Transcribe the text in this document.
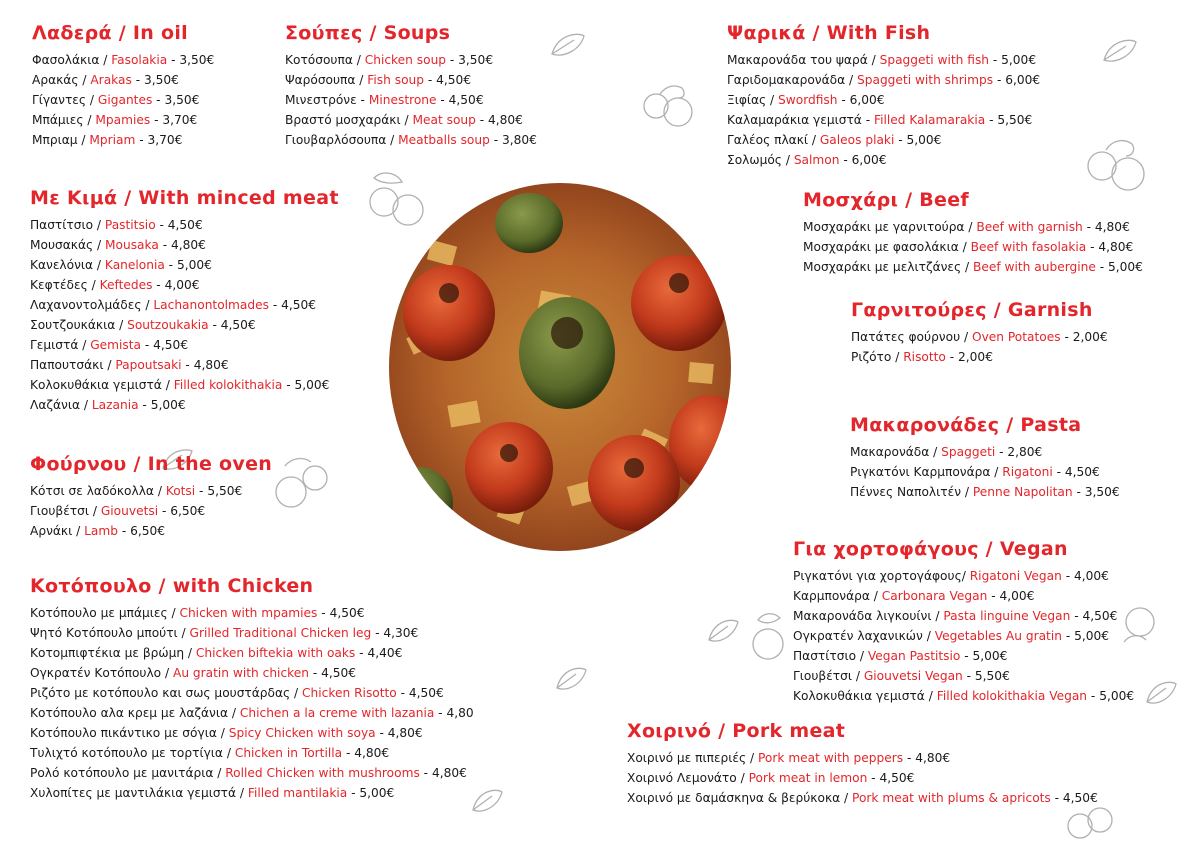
Λαδερά / In oil
Φασολάκια / Fasolakia - 3,50€
Αρακάς / Arakas - 3,50€
Γίγαντες / Gigantes - 3,50€
Μπάμιες / Mpamies - 3,70€
Μπριαμ / Mpriam - 3,70€
Σούπες / Soups
Κοτόσουπα / Chicken soup - 3,50€
Ψαρόσουπα / Fish soup - 4,50€
Μινεστρόνε - Minestrone - 4,50€
Βραστό μοσχαράκι / Meat soup - 4,80€
Γιουβαρλόσουπα / Meatballs soup - 3,80€
Ψαρικά / With Fish
Μακαρονάδα του ψαρά / Spaggeti with fish - 5,00€
Γαριδομακαρονάδα / Spaggeti with shrimps - 6,00€
Ξιφίας / Swordfish - 6,00€
Καλαμαράκια γεμιστά - Filled Kalamarakia - 5,50€
Γαλέος πλακί / Galeos plaki - 5,00€
Σολωμός / Salmon - 6,00€
Με Κιμά / With minced meat
Παστίτσιο / Pastitsio - 4,50€
Μουσακάς / Mousaka - 4,80€
Κανελόνια / Kanelonia - 5,00€
Κεφτέδες / Keftedes - 4,00€
Λαχανοντολμάδες / Lachanontolmades - 4,50€
Σουτζουκάκια / Soutzoukakia - 4,50€
Γεμιστά / Gemista - 4,50€
Παπουτσάκι / Papoutsaki - 4,80€
Κολοκυθάκια γεμιστά / Filled kolokithakia - 5,00€
Λαζάνια / Lazania - 5,00€
Μοσχάρι / Beef
Μοσχαράκι με γαρνιτούρα / Beef with garnish - 4,80€
Μοσχαράκι με φασολάκια / Beef with fasolakia - 4,80€
Μοσχαράκι με μελιτζάνες / Beef with aubergine - 5,00€
Γαρνιτούρες / Garnish
Πατάτες φούρνου / Oven Potatoes - 2,00€
Ριζότο / Risotto - 2,00€
Μακαρονάδες / Pasta
Μακαρονάδα / Spaggeti - 2,80€
Ριγκατόνι Καρμπονάρα / Rigatoni - 4,50€
Πέννες Ναπολιτέν / Penne Napolitan - 3,50€
Φούρνου / In the oven
Κότσι σε λαδόκολλα / Kotsi - 5,50€
Γιουβέτσι / Giouvetsi - 6,50€
Αρνάκι / Lamb - 6,50€
Για χορτοφάγους / Vegan
Ριγκατόνι για χορτογάφους/ Rigatoni Vegan - 4,00€
Καρμπονάρα / Carbonara Vegan - 4,00€
Μακαρονάδα λιγκουίνι / Pasta linguine Vegan - 4,50€
Ογκρατέν λαχανικών / Vegetables Au gratin - 5,00€
Παστίτσιο / Vegan Pastitsio - 5,00€
Γιουβέτσι / Giouvetsi Vegan - 5,50€
Κολοκυθάκια γεμιστά / Filled kolokithakia Vegan - 5,00€
Κοτόπουλο / with Chicken
Κοτόπουλο με μπάμιες / Chicken with mpamies - 4,50€
Ψητό Κοτόπουλο μπούτι / Grilled Traditional Chicken leg - 4,30€
Κοτομπιφτέκια με βρώμη / Chicken biftekia with oaks - 4,40€
Ογκρατέν Κοτόπουλο / Au gratin with chicken - 4,50€
Ριζότο με κοτόπουλο και σως μουστάρδας / Chicken Risotto - 4,50€
Κοτόπουλο αλα κρεμ με λαζάνια / Chichen a la creme with lazania - 4,80
Κοτόπουλο πικάντικο με σόγια / Spicy Chicken with soya - 4,80€
Τυλιχτό κοτόπουλο με τορτίγια / Chicken in Tortilla - 4,80€
Ρολό κοτόπουλο με μανιτάρια / Rolled Chicken with mushrooms - 4,80€
Χυλοπίτες με μαντιλάκια γεμιστά / Filled mantilakia - 5,00€
Χοιρινό / Pork meat
Χοιρινό με πιπεριές / Pork meat with peppers - 4,80€
Χοιρινό Λεμονάτο / Pork meat in lemon - 4,50€
Χοιρινό με δαμάσκηνα & βερύκοκα / Pork meat with plums & apricots - 4,50€
